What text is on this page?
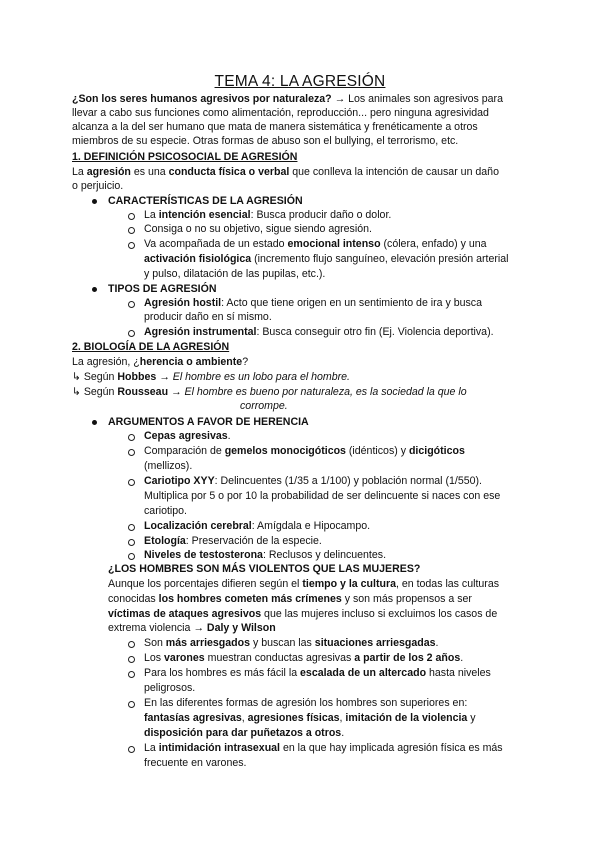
TEMA 4: LA AGRESIÓN
¿Son los seres humanos agresivos por naturaleza? → Los animales son agresivos para
llevar a cabo sus funciones como alimentación, reproducción... pero ninguna agresividad
alcanza a la del ser humano que mata de manera sistemática y frenéticamente a otros
miembros de su especie. Otras formas de abuso son el bullying, el terrorismo, etc.
1. DEFINICIÓN PSICOSOCIAL DE AGRESIÓN
La agresión es una conducta física o verbal que conlleva la intención de causar un daño
o perjuicio.
CARACTERÍSTICAS DE LA AGRESIÓN
La intención esencial: Busca producir daño o dolor.
Consiga o no su objetivo, sigue siendo agresión.
Va acompañada de un estado emocional intenso (cólera, enfado) y una
activación fisiológica (incremento flujo sanguíneo, elevación presión arterial
y pulso, dilatación de las pupilas, etc.).
TIPOS DE AGRESIÓN
Agresión hostil: Acto que tiene origen en un sentimiento de ira y busca
producir daño en sí mismo.
Agresión instrumental: Busca conseguir otro fin (Ej. Violencia deportiva).
2. BIOLOGÍA DE LA AGRESIÓN
La agresión, ¿herencia o ambiente?
↳ Según Hobbes → El hombre es un lobo para el hombre.
↳ Según Rousseau → El hombre es bueno por naturaleza, es la sociedad la que lo
corrompe.
ARGUMENTOS A FAVOR DE HERENCIA
Cepas agresivas.
Comparación de gemelos monocigóticos (idénticos) y dicigóticos
(mellizos).
Cariotipo XYY: Delincuentes (1/35 a 1/100) y población normal (1/550).
Multiplica por 5 o por 10 la probabilidad de ser delincuente si naces con ese
cariotipo.
Localización cerebral: Amígdala e Hipocampo.
Etología: Preservación de la especie.
Niveles de testosterona: Reclusos y delincuentes.
¿LOS HOMBRES SON MÁS VIOLENTOS QUE LAS MUJERES?
Aunque los porcentajes difieren según el tiempo y la cultura, en todas las culturas
conocidas los hombres cometen más crímenes y son más propensos a ser
víctimas de ataques agresivos que las mujeres incluso si excluimos los casos de
extrema violencia → Daly y Wilson
Son más arriesgados y buscan las situaciones arriesgadas.
Los varones muestran conductas agresivas a partir de los 2 años.
Para los hombres es más fácil la escalada de un altercado hasta niveles
peligrosos.
En las diferentes formas de agresión los hombres son superiores en:
fantasías agresivas, agresiones físicas, imitación de la violencia y
disposición para dar puñetazos a otros.
La intimidación intrasexual en la que hay implicada agresión física es más
frecuente en varones.
